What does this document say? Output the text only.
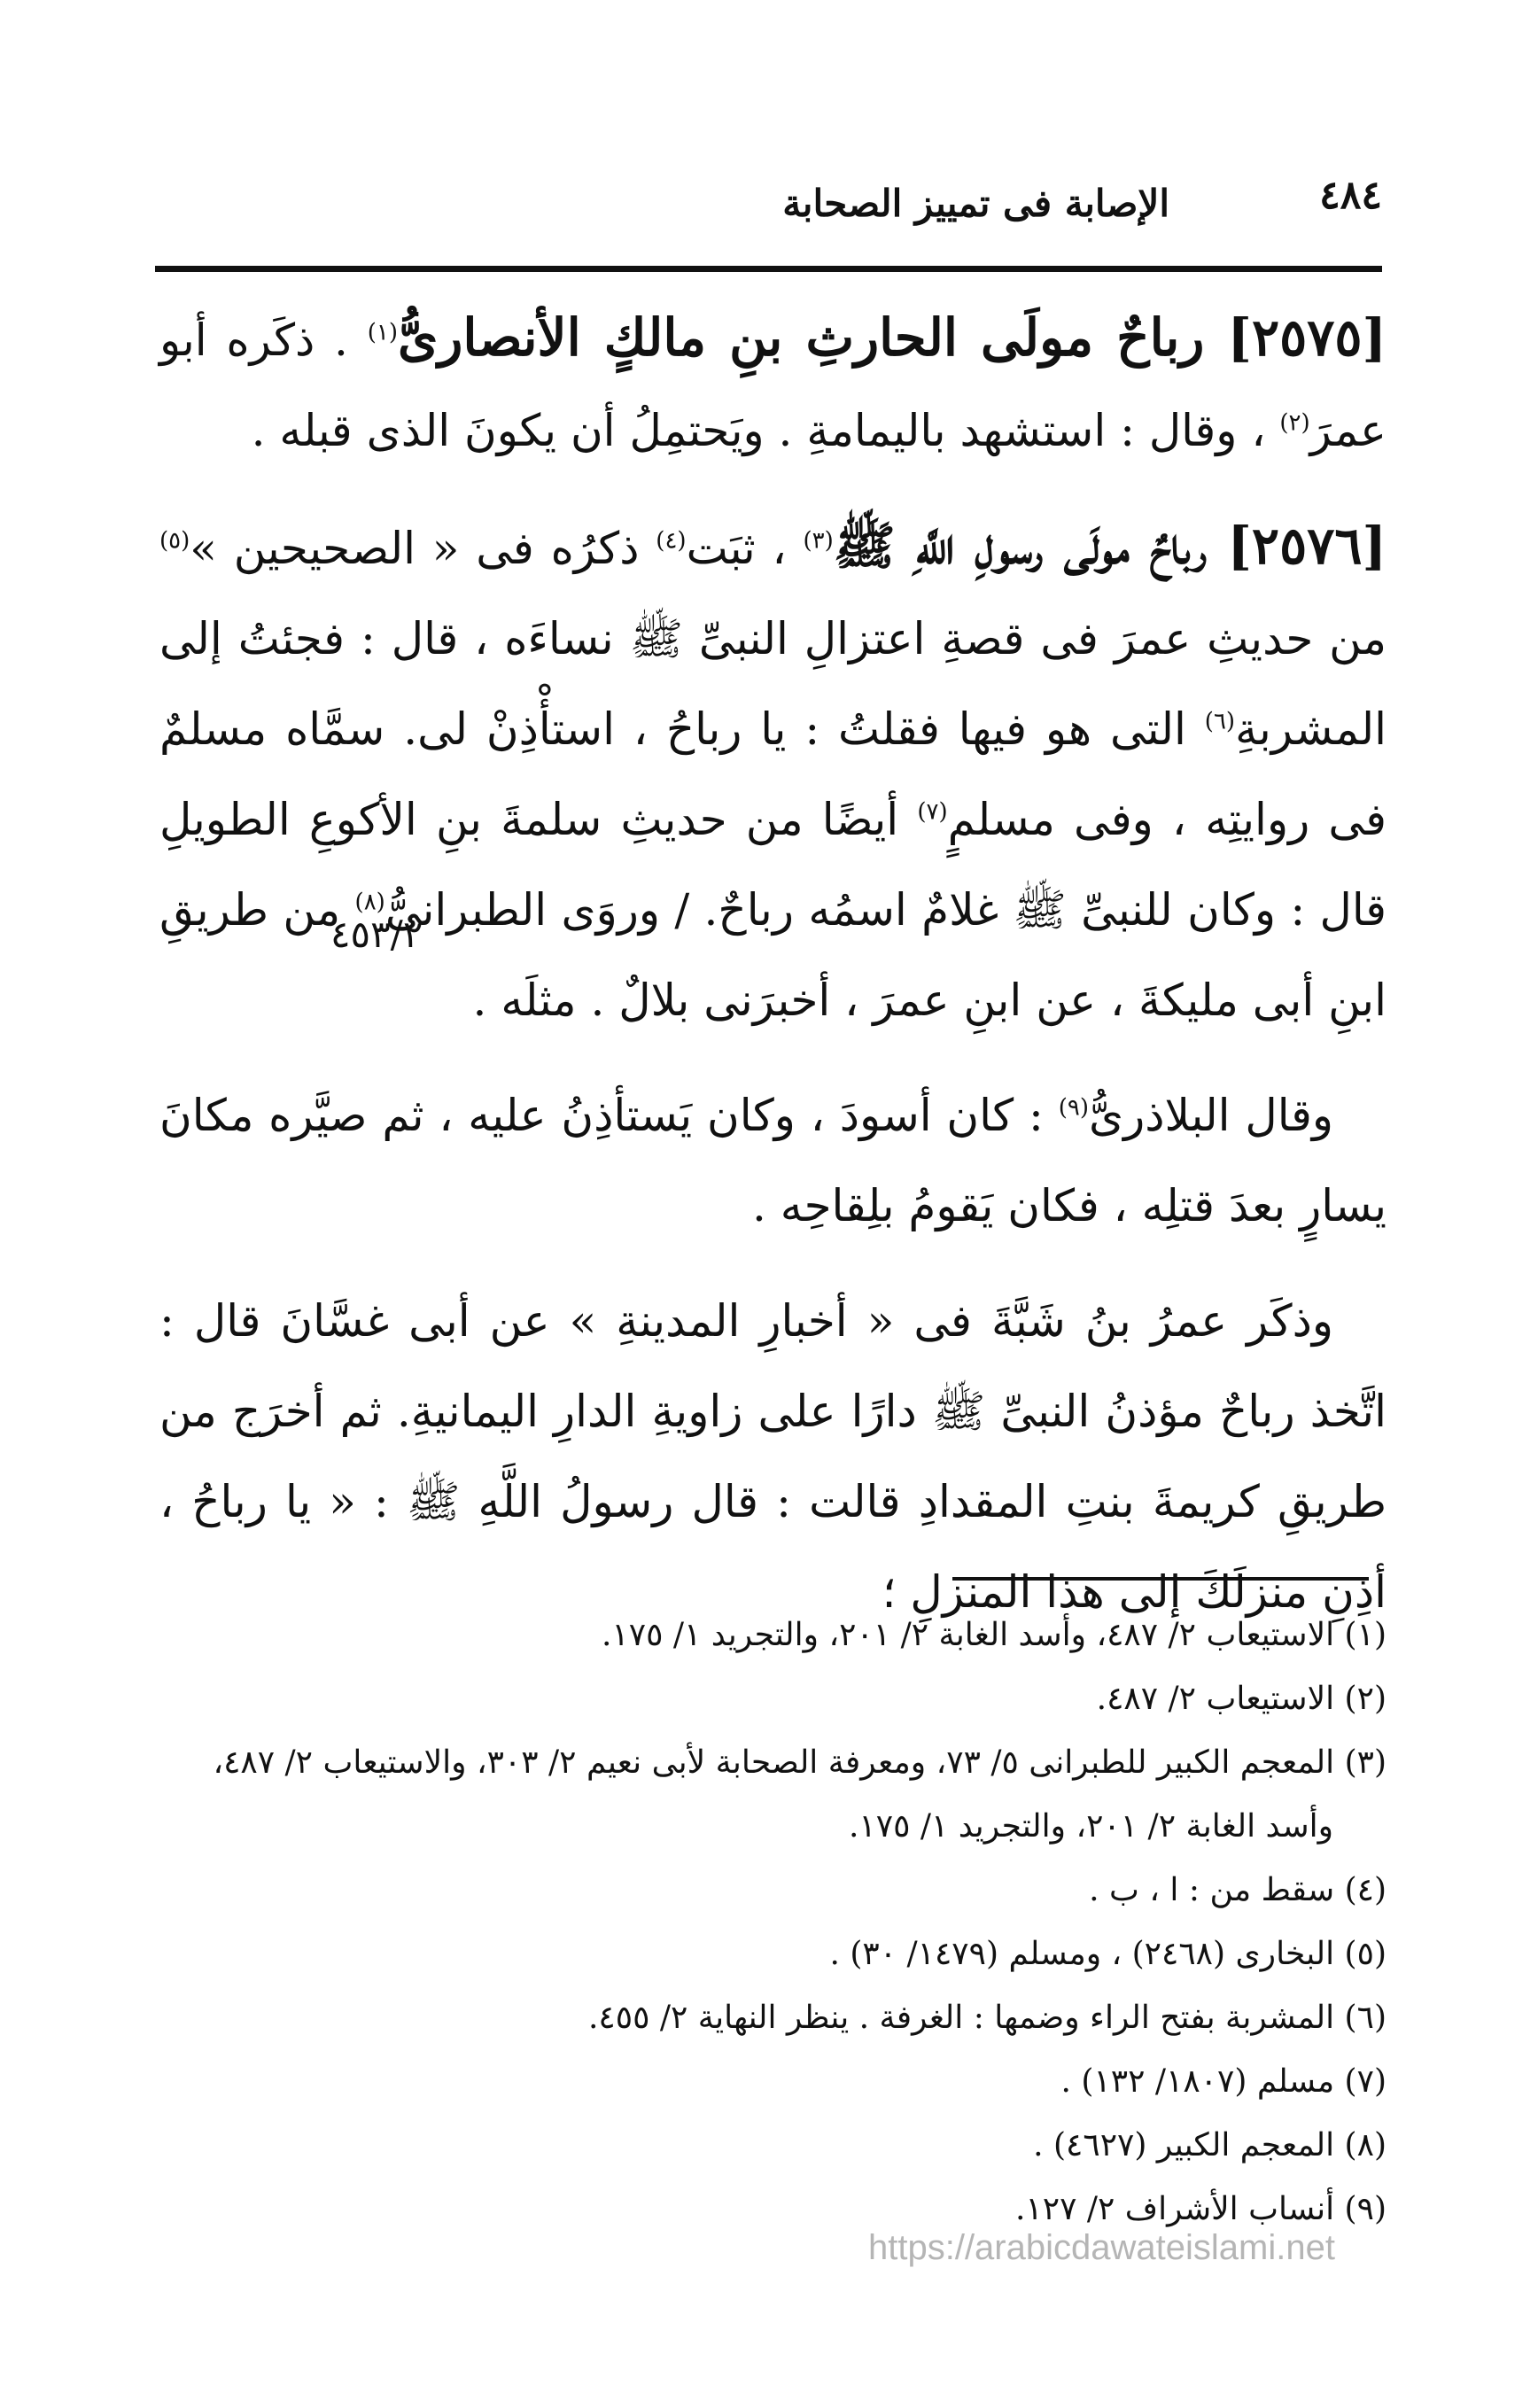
٤٨٤
الإصابة فى تمييز الصحابة
٤٥٣/٢

[٢٥٧٥] رباحٌ مولَى الحارثِ بنِ مالكٍ الأنصارىُّ$^{(١)}$ . ذكَره أبو عمرَ$^{(٢)}$ ، وقال : استشهد باليمامةِ . ويَحتمِلُ أن يكونَ الذى قبله .

[٢٥٧٦] رباحٌ مولَى رسولِ اللَّهِ ﷺ$^{(٣)}$ ، ثبَت$^{(٤)}$ ذكرُه فى « الصحيحين »$^{(٥)}$ من حديثِ عمرَ فى قصةِ اعتزالِ النبىِّ ﷺ نساءَه ، قال : فجئتُ إلى المشربةِ$^{(٦)}$ التى هو فيها فقلتُ : يا رباحُ ، استأْذِنْ لى. سمَّاه مسلمٌ فى روايتِه ، وفى مسلمٍ$^{(٧)}$ أيضًا من حديثِ سلمةَ بنِ الأكوعِ الطويلِ قال : وكان للنبىِّ ﷺ غلامٌ اسمُه رباحٌ. / وروَى الطبرانىُّ$^{(٨)}$ من طريقِ ابنِ أبى مليكةَ ، عن ابنِ عمرَ ، أخبرَنى بلالٌ . مثلَه .

وقال البلاذرىُّ$^{(٩)}$ : كان أسودَ ، وكان يَستأذِنُ عليه ، ثم صيَّره مكانَ يسارٍ بعدَ قتلِه ، فكان يَقومُ بلِقاحِه .

وذكَر عمرُ بنُ شَبَّةَ فى « أخبارِ المدينةِ » عن أبى غسَّانَ قال : اتَّخذ رباحٌ مؤذنُ النبىِّ ﷺ دارًا على زاويةِ الدارِ اليمانيةِ. ثم أخرَج من طريقِ كريمةَ بنتِ المقدادِ قالت : قال رسولُ اللَّهِ ﷺ : « يا رباحُ ، أذِنِ منزلَكَ إلى هذا المنزلِ ؛

(١) الاستيعاب ٢/ ٤٨٧، وأسد الغابة ٢/ ٢٠١، والتجريد ١/ ١٧٥.
(٢) الاستيعاب ٢/ ٤٨٧.
(٣) المعجم الكبير للطبرانى ٥/ ٧٣، ومعرفة الصحابة لأبى نعيم ٢/ ٣٠٣، والاستيعاب ٢/ ٤٨٧،
وأسد الغابة ٢/ ٢٠١، والتجريد ١/ ١٧٥.
(٤) سقط من : ا ، ب .
(٥) البخارى (٢٤٦٨) ، ومسلم (١٤٧٩/ ٣٠) .
(٦) المشربة بفتح الراء وضمها : الغرفة . ينظر النهاية ٢/ ٤٥٥.
(٧) مسلم (١٨٠٧/ ١٣٢) .
(٨) المعجم الكبير (٤٦٢٧) .
(٩) أنساب الأشراف ٢/ ١٢٧.
https://arabicdawateislami.net
